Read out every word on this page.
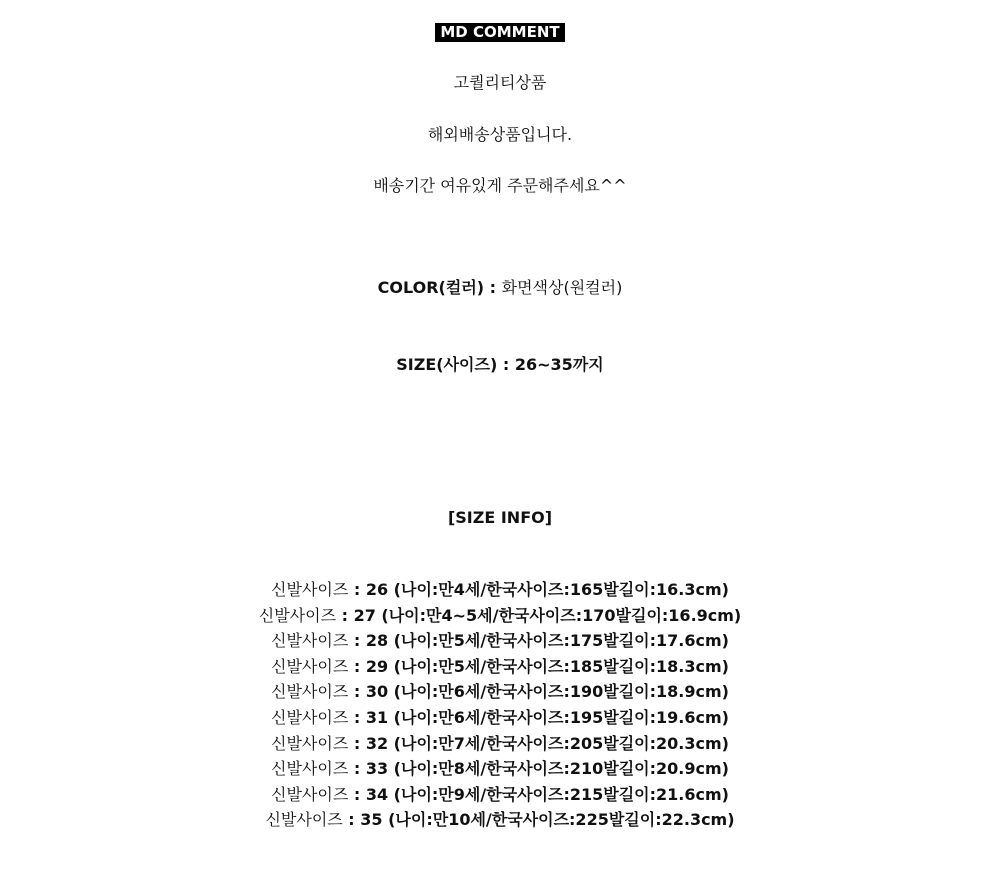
MD COMMENT
고퀄리티상품
해외배송상품입니다.
배송기간 여유있게 주문해주세요^^
COLOR(컬러) : 화면색상(원컬러)
SIZE(사이즈) : 26~35까지
[SIZE INFO]
신발사이즈 : 26 (나이:만4세/한국사이즈:165발길이:16.3cm)
신발사이즈 : 27 (나이:만4~5세/한국사이즈:170발길이:16.9cm)
신발사이즈 : 28 (나이:만5세/한국사이즈:175발길이:17.6cm)
신발사이즈 : 29 (나이:만5세/한국사이즈:185발길이:18.3cm)
신발사이즈 : 30 (나이:만6세/한국사이즈:190발길이:18.9cm)
신발사이즈 : 31 (나이:만6세/한국사이즈:195발길이:19.6cm)
신발사이즈 : 32 (나이:만7세/한국사이즈:205발길이:20.3cm)
신발사이즈 : 33 (나이:만8세/한국사이즈:210발길이:20.9cm)
신발사이즈 : 34 (나이:만9세/한국사이즈:215발길이:21.6cm)
신발사이즈 : 35 (나이:만10세/한국사이즈:225발길이:22.3cm)
